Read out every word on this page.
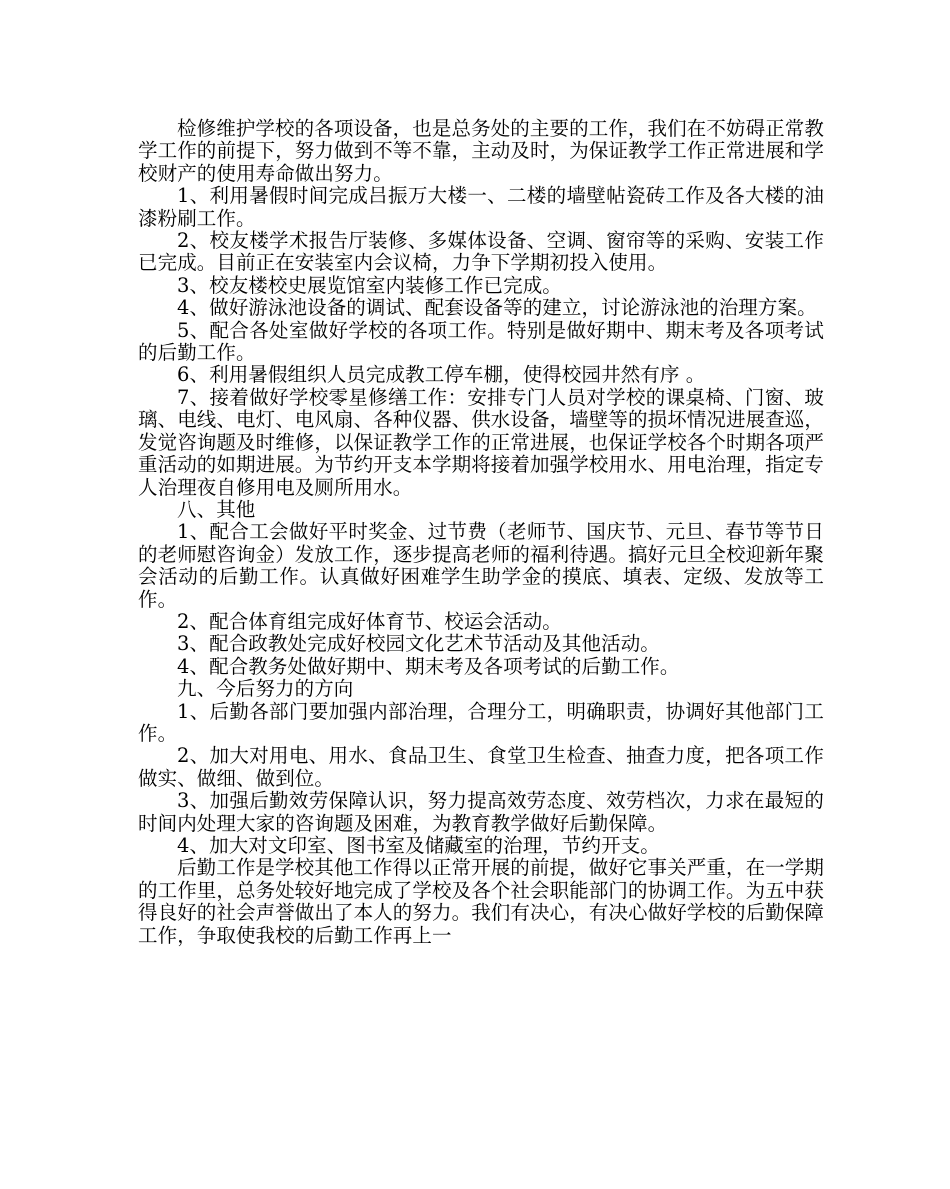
检修维护学校的各项设备，也是总务处的主要的工作，我们在不妨碍正常教学工作的前提下，努力做到不等不靠，主动及时，为保证教学工作正常进展和学校财产的使用寿命做出努力。

1、利用暑假时间完成吕振万大楼一、二楼的墙壁帖瓷砖工作及各大楼的油漆粉刷工作。

2、校友楼学术报告厅装修、多媒体设备、空调、窗帘等的采购、安装工作已完成。目前正在安装室内会议椅，力争下学期初投入使用。

3、校友楼校史展览馆室内装修工作已完成。

4、做好游泳池设备的调试、配套设备等的建立，讨论游泳池的治理方案。

5、配合各处室做好学校的各项工作。特别是做好期中、期末考及各项考试的后勤工作。

6、利用暑假组织人员完成教工停车棚，使得校园井然有序 。

7、接着做好学校零星修缮工作：安排专门人员对学校的课桌椅、门窗、玻璃、电线、电灯、电风扇、各种仪器、供水设备，墙壁等的损坏情况进展查巡，发觉咨询题及时维修，以保证教学工作的正常进展，也保证学校各个时期各项严重活动的如期进展。为节约开支本学期将接着加强学校用水、用电治理，指定专人治理夜自修用电及厕所用水。

八、其他

1、配合工会做好平时奖金、过节费（老师节、国庆节、元旦、春节等节日的老师慰咨询金）发放工作，逐步提高老师的福利待遇。搞好元旦全校迎新年聚会活动的后勤工作。认真做好困难学生助学金的摸底、填表、定级、发放等工作。

2、配合体育组完成好体育节、校运会活动。

3、配合政教处完成好校园文化艺术节活动及其他活动。

4、配合教务处做好期中、期末考及各项考试的后勤工作。

九、今后努力的方向

1、后勤各部门要加强内部治理，合理分工，明确职责，协调好其他部门工作。

2、加大对用电、用水、食品卫生、食堂卫生检查、抽查力度，把各项工作做实、做细、做到位。

3、加强后勤效劳保障认识，努力提高效劳态度、效劳档次，力求在最短的时间内处理大家的咨询题及困难，为教育教学做好后勤保障。

4、加大对文印室、图书室及储藏室的治理，节约开支。

后勤工作是学校其他工作得以正常开展的前提，做好它事关严重，在一学期的工作里，总务处较好地完成了学校及各个社会职能部门的协调工作。为五中获得良好的社会声誉做出了本人的努力。我们有决心，有决心做好学校的后勤保障工作，争取使我校的后勤工作再上一
